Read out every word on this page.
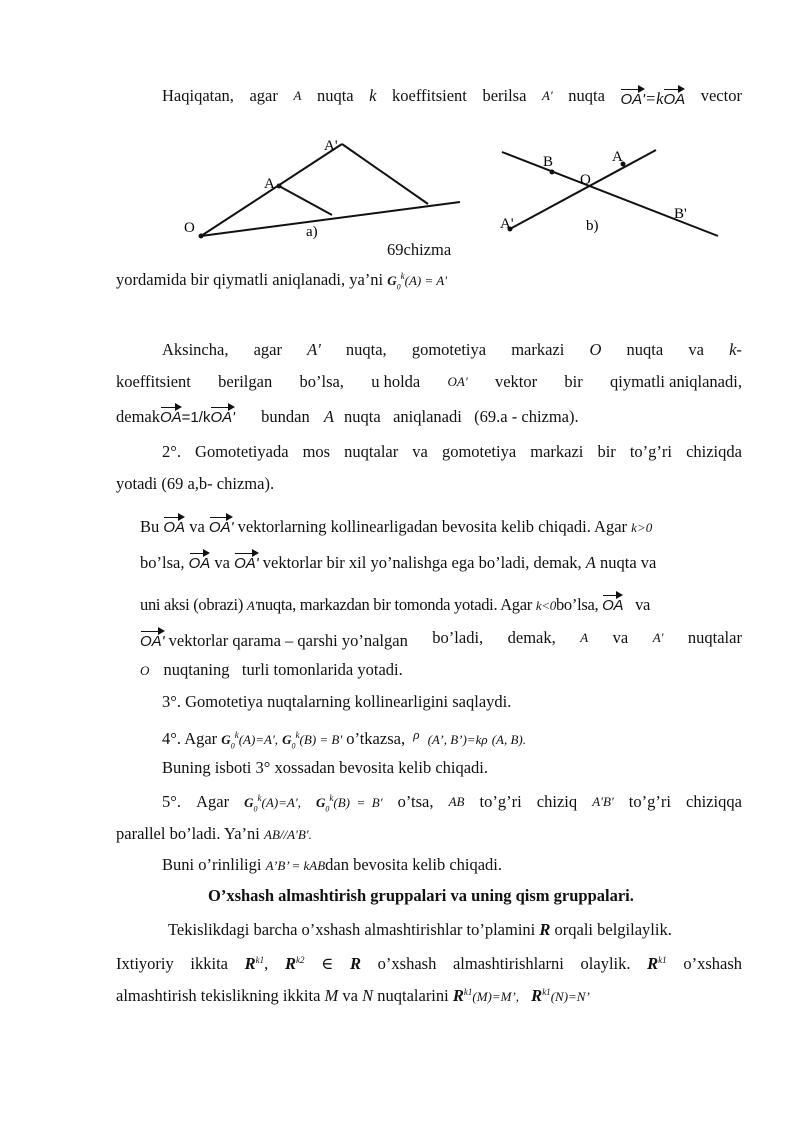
Haqiqatan, agar A nuqta k koeffitsient berilsa A' nuqta OA'=kOA vector
O
A
A'
a)
B	A
O
A'
B'
b)
69chizma
yordamida bir qiymatli aniqlanadi, ya’ni $G_0^k(A) = A'$
Aksincha, agar A' nuqta, gomotetiya markazi O nuqta va k-
koeffitsient berilgan bo’lsa, u holda OA' vektor bir qiymatli aniqlanadi,
demakOA=1/kOA' bundan A nuqta   aniqlanadi   (69.a - chizma).
2°. Gomotetiyada mos nuqtalar va gomotetiya markazi bir to’g’ri chiziqda
yotadi (69 a,b- chizma).
Bu OA va OA' vektorlarning kollinearligadan bevosita kelib chiqadi. Agar k>0
bo’lsa, OA va OA' vektorlar bir xil yo’nalishga ega bo’ladi, demak, A nuqta va
uni aksi (obrazi) A'nuqta, markazdan bir tomonda yotadi. Agar k<0bo’lsa, OA va
OA' vektorlar qarama – qarshi yo’nalgan bo’ladi, demak, A va A' nuqtalar
O nuqtaning   turli tomonlarida yotadi.
3°. Gomotetiya nuqtalarning kollinearligini saqlaydi.
4°. Agar $G_0^k(A)=A'$, $G_0^k(B) = B'$ o’tkazsa, $^\rho$ (A’, B’)=kρ (A, B).
Buning isboti 3° xossadan bevosita kelib chiqadi.
5°. Agar $G_0^k(A)=A'$, $G_0^k(B) = B'$ o’tsa, AB to’g’ri chiziq A'B' to’g’ri chiziqqa
parallel bo’ladi. Ya’ni AB//A'B'.
Buni o’rinliligi A’B’ = kABdan bevosita kelib chiqadi.
O’xshash almashtirish gruppalari va uning qism gruppalari.
Tekislikdagi barcha o’xshash almashtirishlar to’plamini R orqali belgilaylik.
Ixtiyoriy ikkita $R^{k1}$, $R^{k2}$ ∈ R o’xshash almashtirishlarni olaylik. $R^{k1}$ o’xshash
almashtirish tekislikning ikkita M va N nuqtalarini $R^{k1}(M)=M$’, $R^{k1}(N)=N$’
